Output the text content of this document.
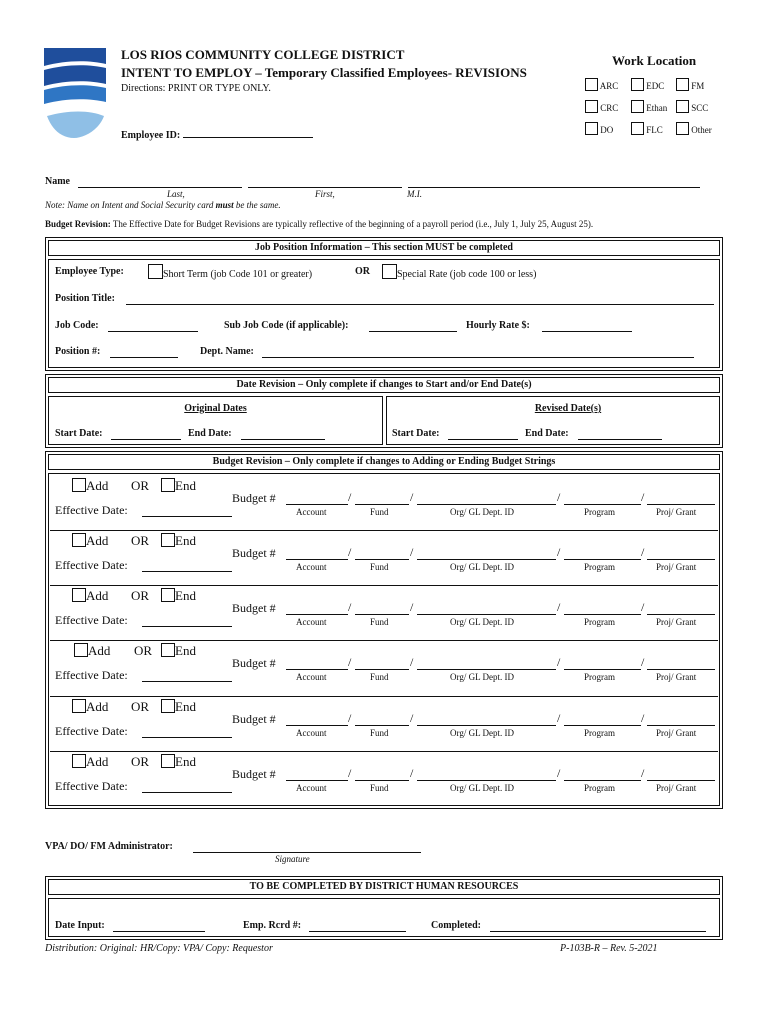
LOS RIOS COMMUNITY COLLEGE DISTRICT
INTENT TO EMPLOY – Temporary Classified Employees- REVISIONS
Directions: PRINT OR TYPE ONLY.
Employee ID:
Work Location
ARC	EDC	FM
CRC	Ethan	SCC
DO	FLC	Other
Name
Last,	First,	M.I.
Note: Name on Intent and Social Security card must be the same.
Budget Revision: The Effective Date for Budget Revisions are typically reflective of the beginning of a payroll period (i.e., July 1, July 25, August 25).
Job Position Information – This section MUST be completed
Employee Type:	Short Term (job Code 101 or greater)	OR	Special Rate (job code 100 or less)
Position Title:
Job Code:	Sub Job Code (if applicable):	Hourly Rate $:
Position #:	Dept. Name:
Date Revision – Only complete if changes to Start and/or End Date(s)
Original Dates	Revised Date(s)
Start Date:	End Date:	Start Date:	End Date:
Budget Revision – Only complete if changes to Adding or Ending Budget Strings
Add OR	End
Effective Date:
Budget #	/	/	/	/
Account	Fund	Org/ GL Dept. ID	Program	Proj/ Grant
Add OR	End
Effective Date:
Budget #	/	/	/	/
Account	Fund	Org/ GL Dept. ID	Program	Proj/ Grant
Add OR	End
Effective Date:
Budget #	/	/	/	/
Account	Fund	Org/ GL Dept. ID	Program	Proj/ Grant
Add OR	End
Effective Date:
Budget #	/	/	/	/
Account	Fund	Org/ GL Dept. ID	Program	Proj/ Grant
Add OR	End
Effective Date:
Budget #	/	/	/	/
Account	Fund	Org/ GL Dept. ID	Program	Proj/ Grant
Add OR	End
Effective Date:
Budget #	/	/	/	/
Account	Fund	Org/ GL Dept. ID	Program	Proj/ Grant
VPA/ DO/ FM Administrator:
Signature
TO BE COMPLETED BY DISTRICT HUMAN RESOURCES
Date Input:	Emp. Rcrd #:	Completed:
Distribution: Original: HR/Copy: VPA/ Copy: Requestor	P-103B-R – Rev. 5-2021
